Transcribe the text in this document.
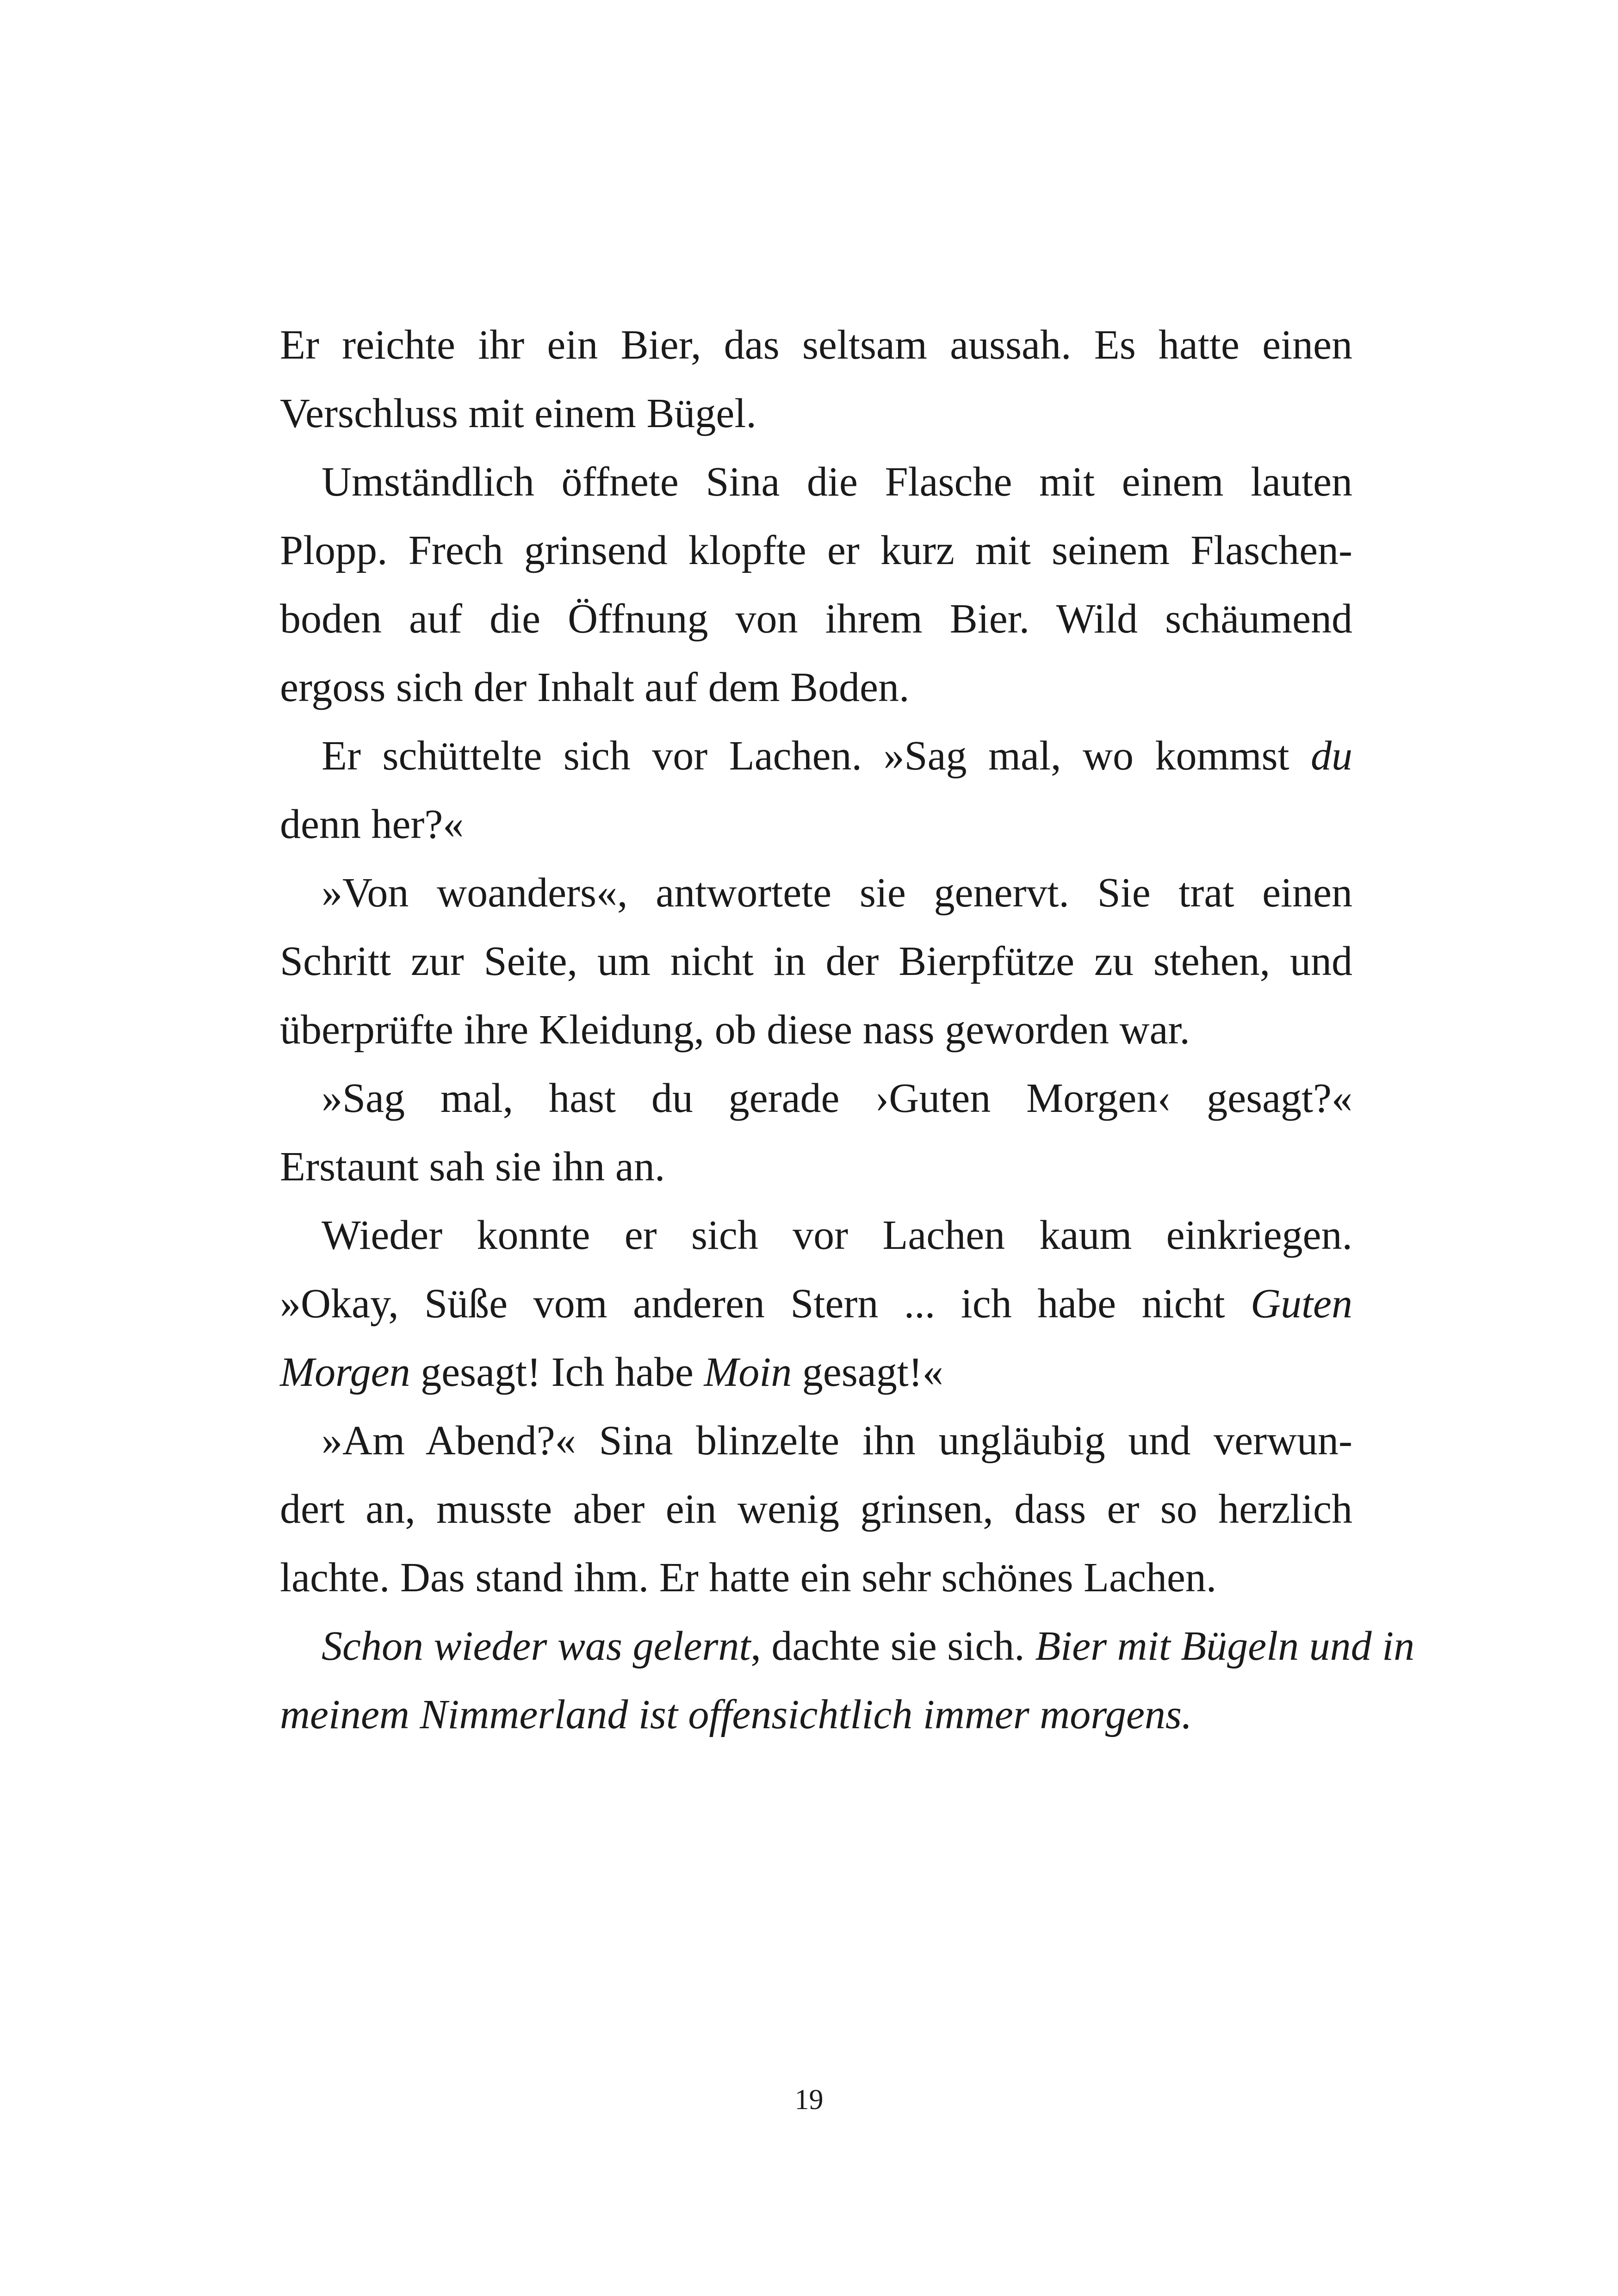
Er reichte ihr ein Bier, das seltsam aussah. Es hatte einen
Verschluss mit einem Bügel.
Umständlich öffnete Sina die Flasche mit einem lauten
Plopp. Frech grinsend klopfte er kurz mit seinem Flaschen-
boden auf die Öffnung von ihrem Bier. Wild schäumend
ergoss sich der Inhalt auf dem Boden.
Er schüttelte sich vor Lachen. »Sag mal, wo kommst du
denn her?«
»Von woanders«, antwortete sie genervt. Sie trat einen
Schritt zur Seite, um nicht in der Bierpfütze zu stehen, und
überprüfte ihre Kleidung, ob diese nass geworden war.
»Sag mal, hast du gerade ›Guten Morgen‹ gesagt?«
Erstaunt sah sie ihn an.
Wieder konnte er sich vor Lachen kaum einkriegen.
»Okay, Süße vom anderen Stern ... ich habe nicht Guten
Morgen gesagt! Ich habe Moin gesagt!«
»Am Abend?« Sina blinzelte ihn ungläubig und verwun-
dert an, musste aber ein wenig grinsen, dass er so herzlich
lachte. Das stand ihm. Er hatte ein sehr schönes Lachen.
Schon wieder was gelernt, dachte sie sich. Bier mit Bügeln und in
meinem Nimmerland ist offensichtlich immer morgens.
19
